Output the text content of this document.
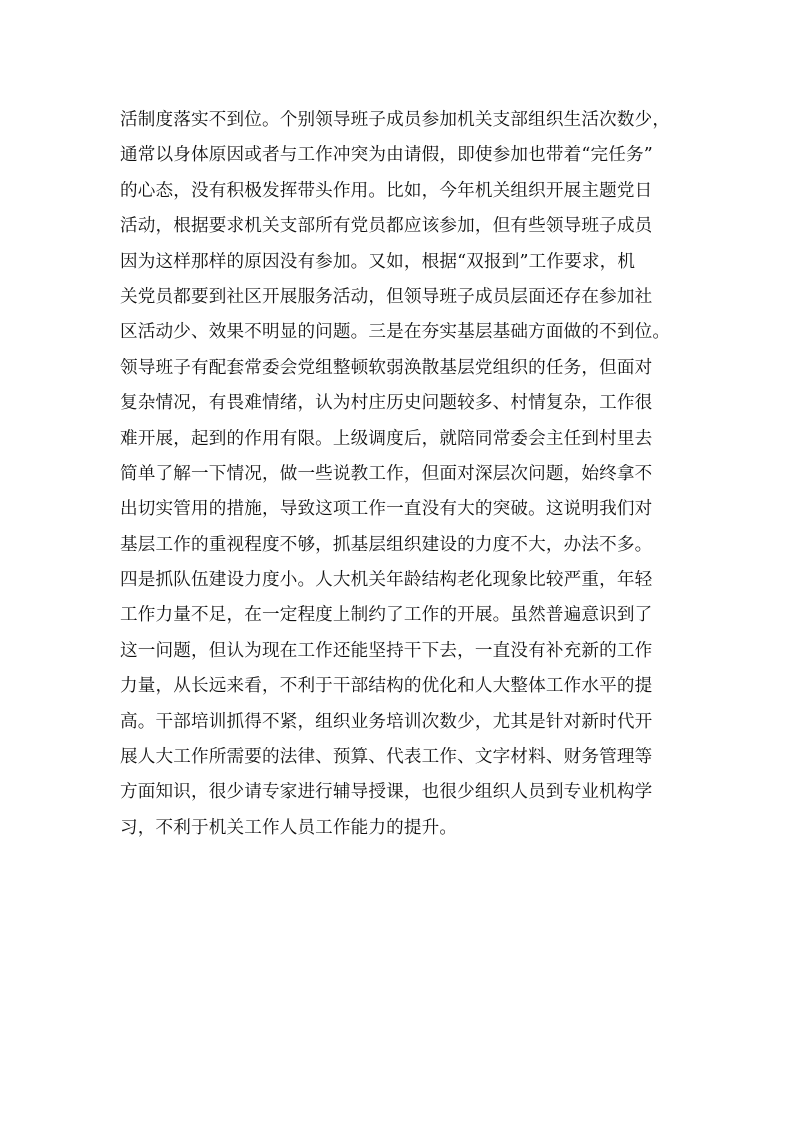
活制度落实不到位。个别领导班子成员参加机关支部组织生活次数少，
通常以身体原因或者与工作冲突为由请假，即使参加也带着“完任务”
的心态，没有积极发挥带头作用。比如，今年机关组织开展主题党日
活动，根据要求机关支部所有党员都应该参加，但有些领导班子成员
因为这样那样的原因没有参加。又如，根据“双报到”工作要求，机
关党员都要到社区开展服务活动，但领导班子成员层面还存在参加社
区活动少、效果不明显的问题。三是在夯实基层基础方面做的不到位。
领导班子有配套常委会党组整顿软弱涣散基层党组织的任务，但面对
复杂情况，有畏难情绪，认为村庄历史问题较多、村情复杂，工作很
难开展，起到的作用有限。上级调度后，就陪同常委会主任到村里去
简单了解一下情况，做一些说教工作，但面对深层次问题，始终拿不
出切实管用的措施，导致这项工作一直没有大的突破。这说明我们对
基层工作的重视程度不够，抓基层组织建设的力度不大，办法不多。
四是抓队伍建设力度小。人大机关年龄结构老化现象比较严重，年轻
工作力量不足，在一定程度上制约了工作的开展。虽然普遍意识到了
这一问题，但认为现在工作还能坚持干下去，一直没有补充新的工作
力量，从长远来看，不利于干部结构的优化和人大整体工作水平的提
高。干部培训抓得不紧，组织业务培训次数少，尤其是针对新时代开
展人大工作所需要的法律、预算、代表工作、文字材料、财务管理等
方面知识，很少请专家进行辅导授课，也很少组织人员到专业机构学
习，不利于机关工作人员工作能力的提升。
